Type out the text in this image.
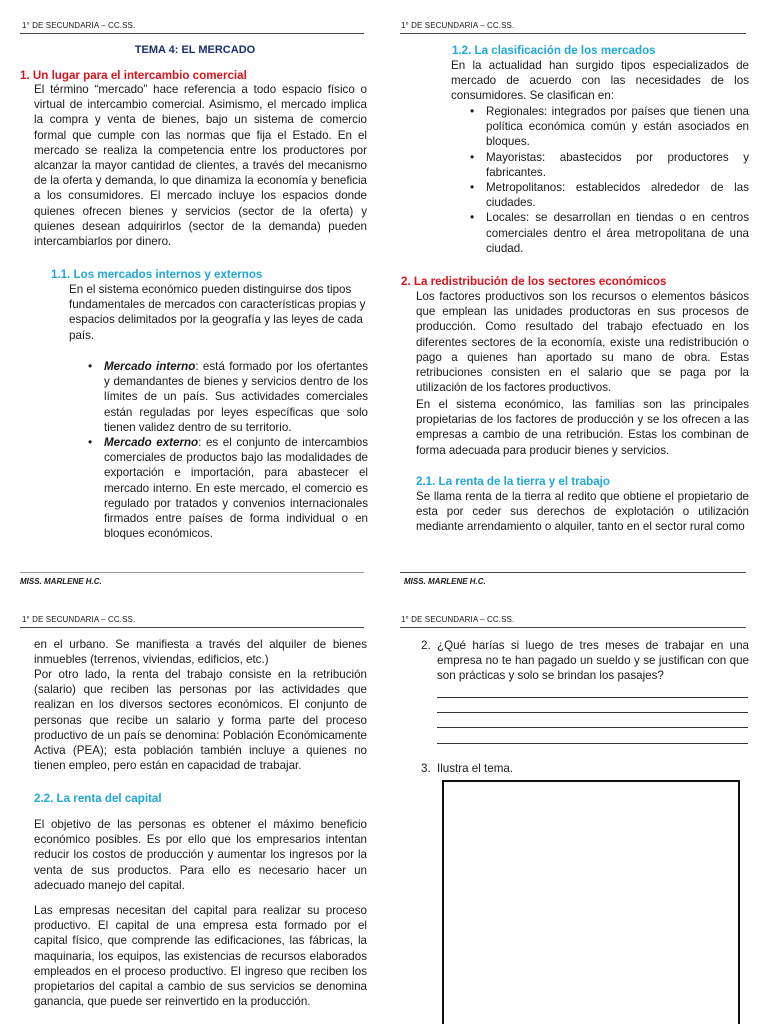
1° DE SECUNDARIA – CC.SS.
TEMA 4: EL MERCADO
1. Un lugar para el intercambio comercial
El término “mercado” hace referencia a todo espacio físico o virtual de intercambio comercial. Asimismo, el mercado implica la compra y venta de bienes, bajo un sistema de comercio formal que cumple con las normas que fija el Estado. En el mercado se realiza la competencia entre los productores por alcanzar la mayor cantidad de clientes, a través del mecanismo de la oferta y demanda, lo que dinamiza la economía y beneficia a los consumidores. El mercado incluye los espacios donde quienes ofrecen bienes y servicios (sector de la oferta) y quienes desean adquirirlos (sector de la demanda) pueden intercambiarlos por dinero.
1.1. Los mercados internos y externos
En el sistema económico pueden distinguirse dos tipos fundamentales de mercados con características propias y espacios delimitados por la geografía y las leyes de cada país.
• Mercado interno: está formado por los ofertantes y demandantes de bienes y servicios dentro de los límites de un país. Sus actividades comerciales están reguladas por leyes específicas que solo tienen validez dentro de su territorio.
• Mercado externo: es el conjunto de intercambios comerciales de productos bajo las modalidades de exportación e importación, para abastecer el mercado interno. En este mercado, el comercio es regulado por tratados y convenios internacionales firmados entre países de forma individual o en bloques económicos.
MISS. MARLENE H.C.
1° DE SECUNDARIA – CC.SS.
1.2. La clasificación de los mercados
En la actualidad han surgido tipos especializados de mercado de acuerdo con las necesidades de los consumidores. Se clasifican en:
• Regionales: integrados por países que tienen una política económica común y están asociados en bloques.
• Mayoristas: abastecidos por productores y fabricantes.
• Metropolitanos: establecidos alrededor de las ciudades.
• Locales: se desarrollan en tiendas o en centros comerciales dentro el área metropolitana de una ciudad.
2. La redistribución de los sectores económicos
Los factores productivos son los recursos o elementos básicos que emplean las unidades productoras en sus procesos de producción. Como resultado del trabajo efectuado en los diferentes sectores de la economía, existe una redistribución o pago a quienes han aportado su mano de obra. Estas retribuciones consisten en el salario que se paga por la utilización de los factores productivos.
En el sistema económico, las familias son las principales propietarias de los factores de producción y se los ofrecen a las empresas a cambio de una retribución. Estas los combinan de forma adecuada para producir bienes y servicios.
2.1. La renta de la tierra y el trabajo
Se llama renta de la tierra al redito que obtiene el propietario de esta por ceder sus derechos de explotación o utilización mediante arrendamiento o alquiler, tanto en el sector rural como
MISS. MARLENE H.C.
1° DE SECUNDARIA – CC.SS.
en el urbano. Se manifiesta a través del alquiler de bienes inmuebles (terrenos, viviendas, edificios, etc.)
Por otro lado, la renta del trabajo consiste en la retribución (salario) que reciben las personas por las actividades que realizan en los diversos sectores económicos. El conjunto de personas que recibe un salario y forma parte del proceso productivo de un país se denomina: Población Económicamente Activa (PEA); esta población también incluye a quienes no tienen empleo, pero están en capacidad de trabajar.
2.2. La renta del capital
El objetivo de las personas es obtener el máximo beneficio económico posibles. Es por ello que los empresarios intentan reducir los costos de producción y aumentar los ingresos por la venta de sus productos. Para ello es necesario hacer un adecuado manejo del capital.
Las empresas necesitan del capital para realizar su proceso productivo. El capital de una empresa esta formado por el capital físico, que comprende las edificaciones, las fábricas, la maquinaria, los equipos, las existencias de recursos elaborados empleados en el proceso productivo. El ingreso que reciben los propietarios del capital a cambio de sus servicios se denomina ganancia, que puede ser reinvertido en la producción.
1° DE SECUNDARIA – CC.SS.
2. ¿Qué harías si luego de tres meses de trabajar en una empresa no te han pagado un sueldo y se justifican con que son prácticas y solo se brindan los pasajes?
3. Ilustra el tema.
